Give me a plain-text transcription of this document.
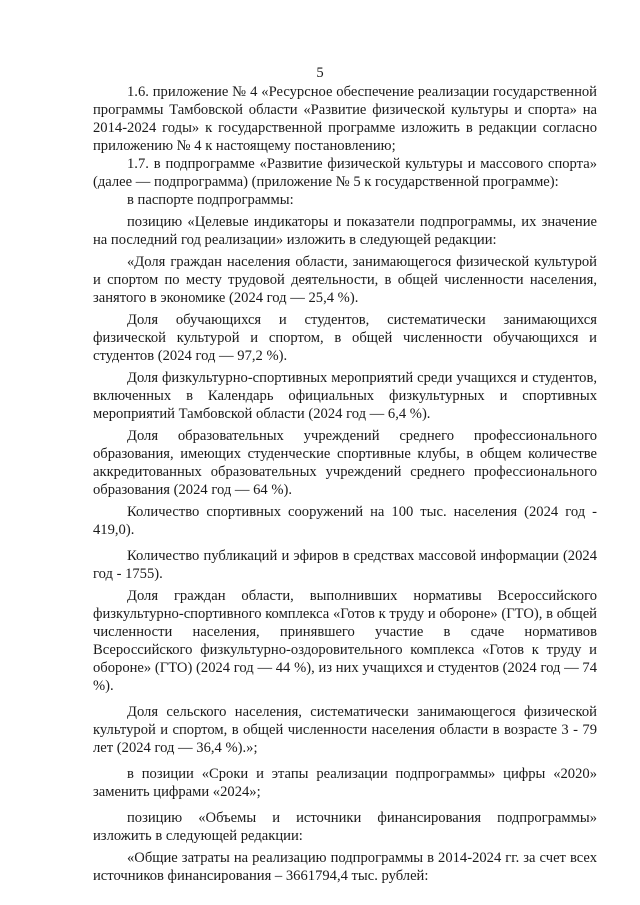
5

1.6. приложение № 4 «Ресурсное обеспечение реализации государственной программы Тамбовской области «Развитие физической культуры и спорта» на 2014-2024 годы» к государственной программе изложить в редакции согласно приложению № 4 к настоящему постановлению;

1.7. в подпрограмме «Развитие физической культуры и массового спорта» (далее — подпрограмма) (приложение № 5 к государственной программе):

в паспорте подпрограммы:

позицию «Целевые индикаторы и показатели подпрограммы, их значение на последний год реализации» изложить в следующей редакции:

«Доля граждан населения области, занимающегося физической культурой и спортом по месту трудовой деятельности, в общей численности населения, занятого в экономике (2024 год — 25,4 %).

Доля обучающихся и студентов, систематически занимающихся физической культурой и спортом, в общей численности обучающихся и студентов (2024 год — 97,2 %).

Доля физкультурно-спортивных мероприятий среди учащихся и студентов, включенных в Календарь официальных физкультурных и спортивных мероприятий Тамбовской области (2024 год — 6,4 %).

Доля образовательных учреждений среднего профессионального образования, имеющих студенческие спортивные клубы, в общем количестве аккредитованных образовательных учреждений среднего профессионального образования (2024 год — 64 %).

Количество спортивных сооружений на 100 тыс. населения (2024 год - 419,0).

Количество публикаций и эфиров в средствах массовой информации (2024 год - 1755).

Доля граждан области, выполнивших нормативы Всероссийского физкультурно-спортивного комплекса «Готов к труду и обороне» (ГТО), в общей численности населения, принявшего участие в сдаче нормативов Всероссийского физкультурно-оздоровительного комплекса «Готов к труду и обороне» (ГТО) (2024 год — 44 %), из них учащихся и студентов (2024 год — 74 %).

Доля сельского населения, систематически занимающегося физической культурой и спортом, в общей численности населения области в возрасте 3 - 79 лет (2024 год — 36,4 %).»;

в позиции «Сроки и этапы реализации подпрограммы» цифры «2020» заменить цифрами «2024»;

позицию «Объемы и источники финансирования подпрограммы» изложить в следующей редакции:

«Общие затраты на реализацию подпрограммы в 2014-2024 гг. за счет всех источников финансирования – 3661794,4 тыс. рублей:
